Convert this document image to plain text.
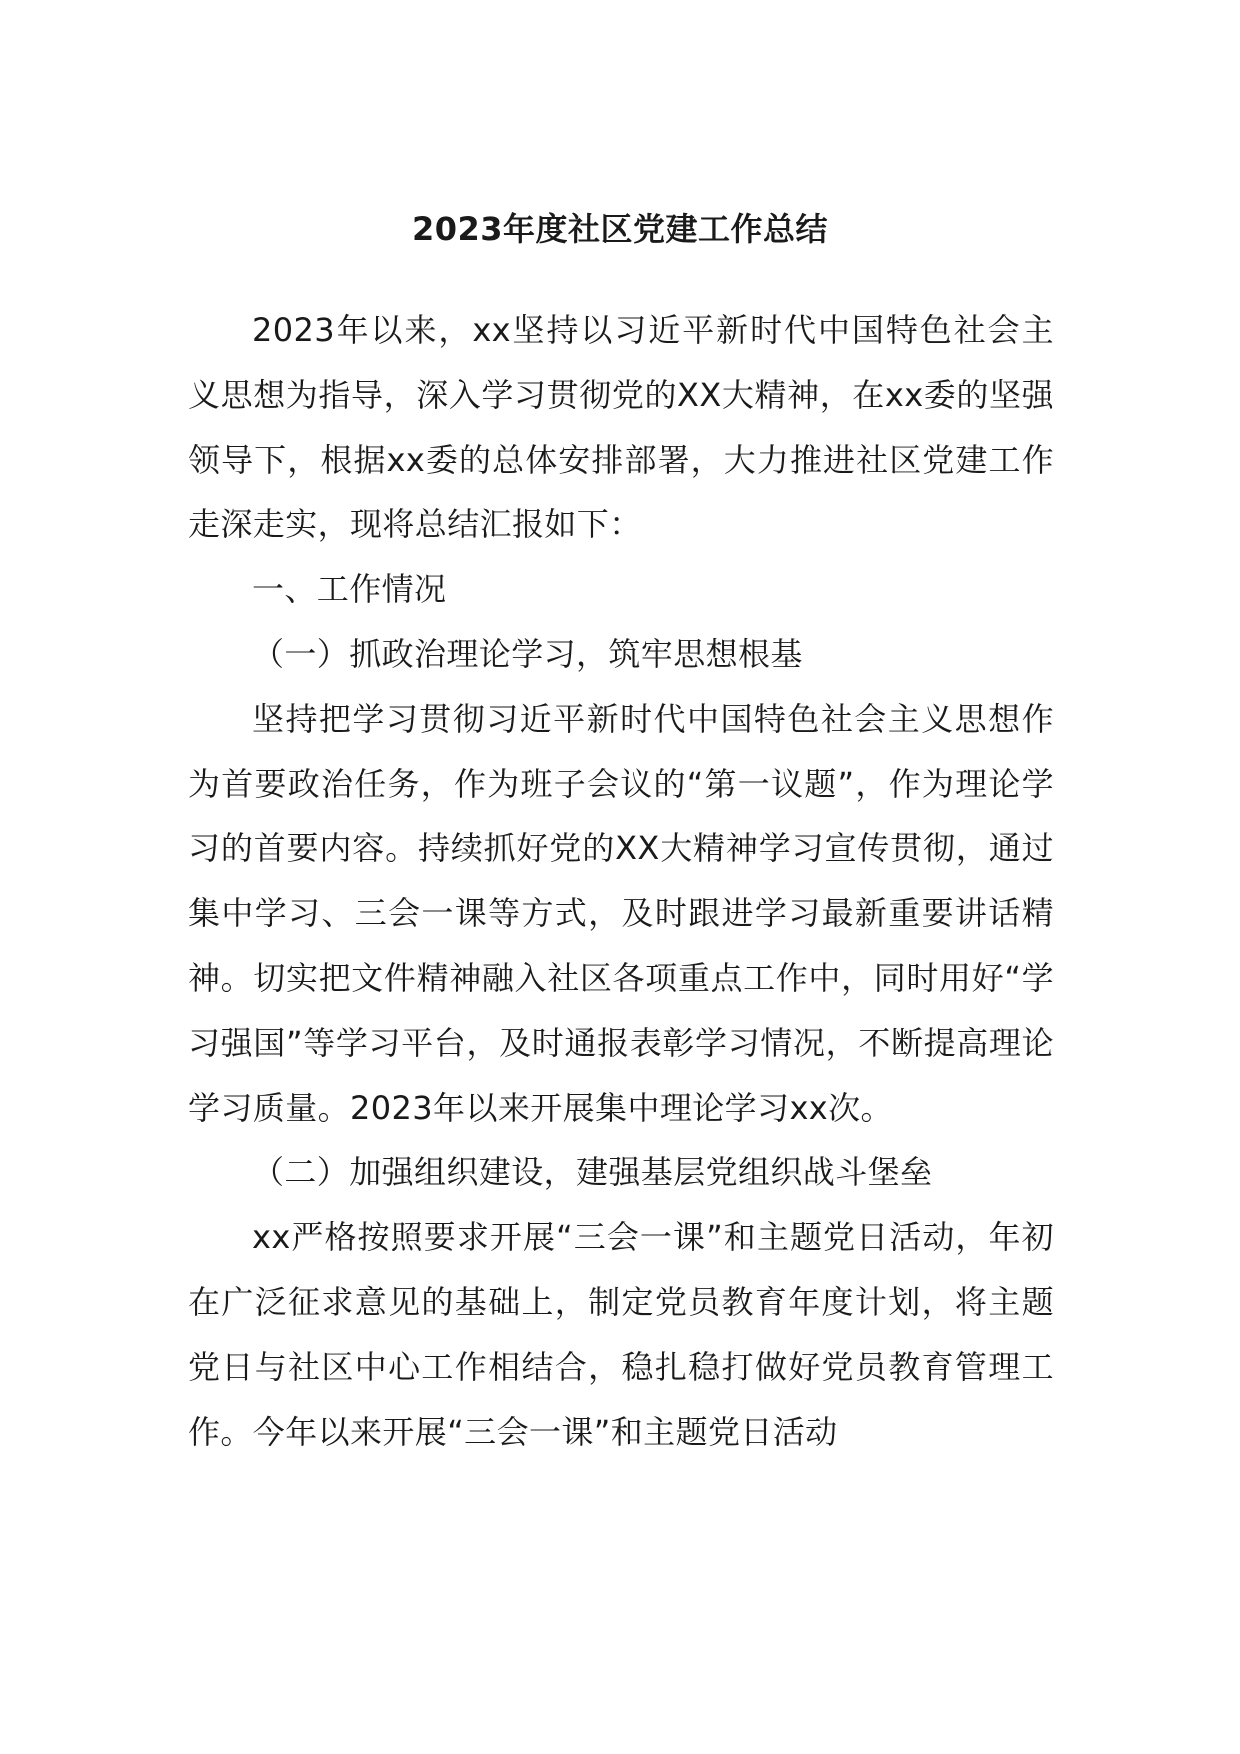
2023年度社区党建工作总结

2023年以来，xx坚持以习近平新时代中国特色社会主义思想为指导，深入学习贯彻党的XX大精神，在xx委的坚强领导下，根据xx委的总体安排部署，大力推进社区党建工作走深走实，现将总结汇报如下：

一、工作情况

（一）抓政治理论学习，筑牢思想根基

坚持把学习贯彻习近平新时代中国特色社会主义思想作为首要政治任务，作为班子会议的“第一议题”，作为理论学习的首要内容。持续抓好党的XX大精神学习宣传贯彻，通过集中学习、三会一课等方式，及时跟进学习最新重要讲话精神。切实把文件精神融入社区各项重点工作中，同时用好“学习强国”等学习平台，及时通报表彰学习情况，不断提高理论学习质量。2023年以来开展集中理论学习xx次。

（二）加强组织建设，建强基层党组织战斗堡垒

xx严格按照要求开展“三会一课”和主题党日活动，年初在广泛征求意见的基础上，制定党员教育年度计划，将主题党日与社区中心工作相结合，稳扎稳打做好党员教育管理工作。今年以来开展“三会一课”和主题党日活动
